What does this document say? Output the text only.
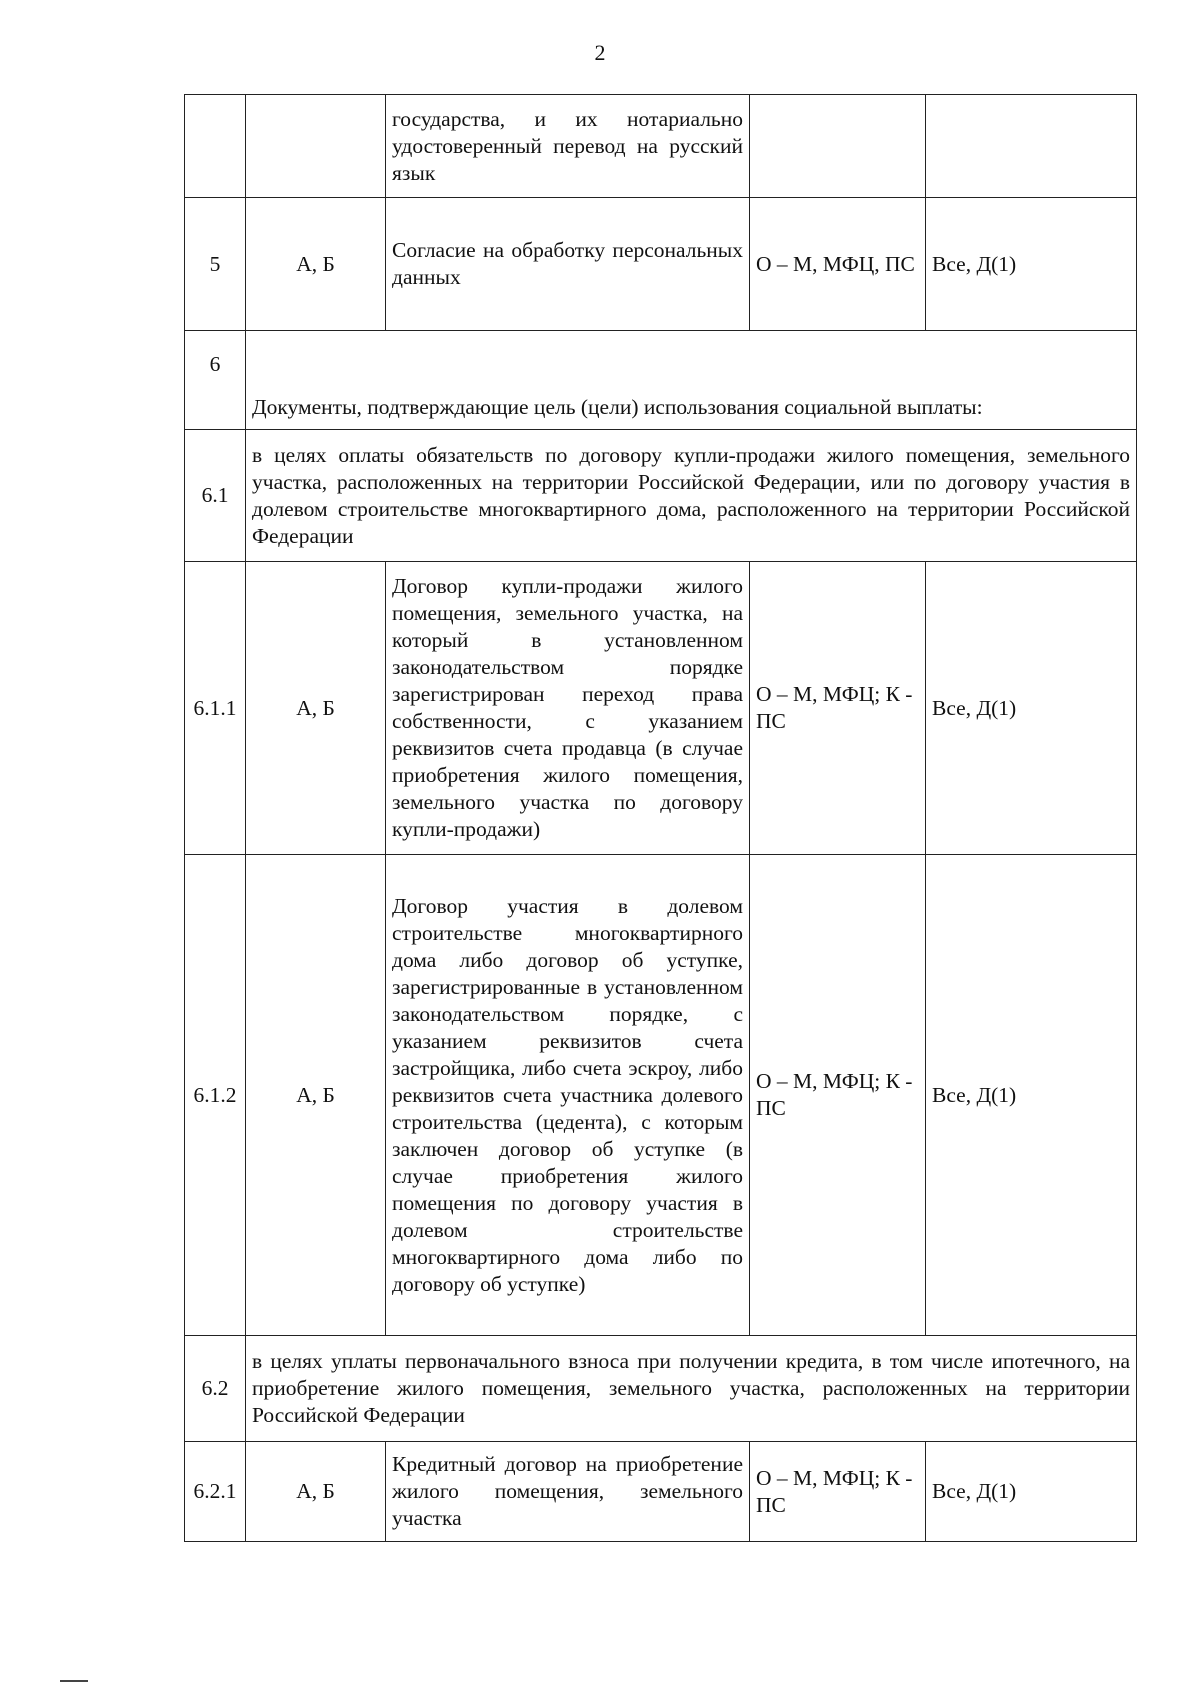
2
		государства, и их нотариально удостоверенный перевод на русский язык		
5	А, Б	Согласие на обработку персональных данных	О – М, МФЦ, ПС	Все, Д(1)
6	Документы, подтверждающие цель (цели) использования социальной выплаты:			
6.1	в целях оплаты обязательств по договору купли-продажи жилого помещения, земельного участка, расположенных на территории Российской Федерации, или по договору участия в долевом строительстве многоквартирного дома, расположенного на территории Российской Федерации			
6.1.1	А, Б	Договор купли-продажи жилого помещения, земельного участка, на который в установленном законодательством порядке зарегистрирован переход права собственности, с указанием реквизитов счета продавца (в случае приобретения жилого помещения, земельного участка по договору купли-продажи)	О – М, МФЦ; К - ПС	Все, Д(1)
6.1.2	А, Б	Договор участия в долевом строительстве многоквартирного дома либо договор об уступке, зарегистрированные в установленном законодательством порядке, с указанием реквизитов счета застройщика, либо счета эскроу, либо реквизитов счета участника долевого строительства (цедента), с которым заключен договор об уступке (в случае приобретения жилого помещения по договору участия в долевом строительстве многоквартирного дома либо по договору об уступке)	О – М, МФЦ; К - ПС	Все, Д(1)
6.2	в целях уплаты первоначального взноса при получении кредита, в том числе ипотечного, на приобретение жилого помещения, земельного участка, расположенных на территории Российской Федерации			
6.2.1	А, Б	Кредитный договор на приобретение жилого помещения, земельного участка	О – М, МФЦ; К - ПС	Все, Д(1)
